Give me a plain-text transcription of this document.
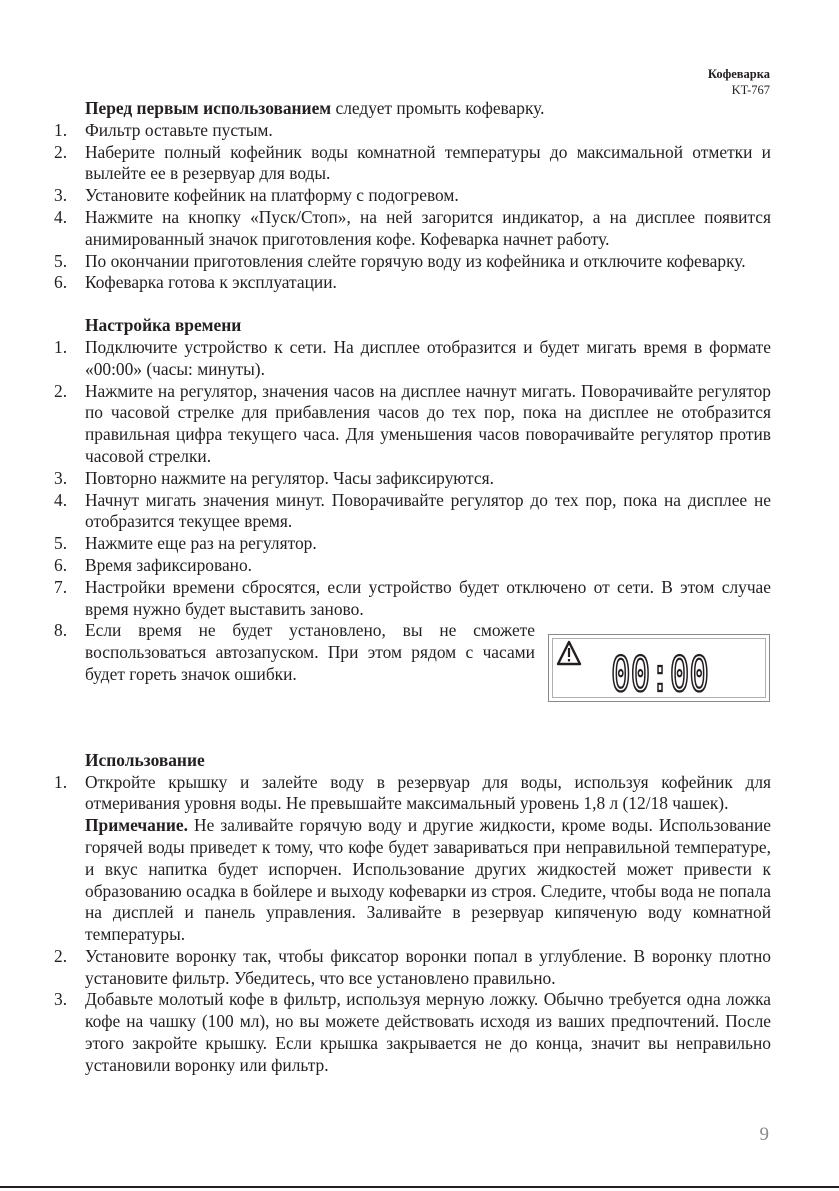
Кофеварка
KT-767

Перед первым использованием следует промыть кофеварку.

1. Фильтр оставьте пустым.
2. Наберите полный кофейник воды комнатной температуры до максимальной отметки и вылейте ее в резервуар для воды.
3. Установите кофейник на платформу с подогревом.
4. Нажмите на кнопку «Пуск/Стоп», на ней загорится индикатор, а на дисплее появится анимированный значок приготовления кофе. Кофеварка начнет работу.
5. По окончании приготовления слейте горячую воду из кофейника и отключите кофеварку.
6. Кофеварка готова к эксплуатации.

Настройка времени

1. Подключите устройство к сети. На дисплее отобразится и будет мигать время в формате «00:00» (часы: минуты).
2. Нажмите на регулятор, значения часов на дисплее начнут мигать. Поворачивайте регулятор по часовой стрелке для прибавления часов до тех пор, пока на дисплее не отобразится правильная цифра текущего часа. Для уменьшения часов поворачивайте регулятор против часовой стрелки.
3. Повторно нажмите на регулятор. Часы зафиксируются.
4. Начнут мигать значения минут. Поворачивайте регулятор до тех пор, пока на дисплее не отобразится текущее время.
5. Нажмите еще раз на регулятор.
6. Время зафиксировано.
7. Настройки времени сбросятся, если устройство будет отключено от сети. В этом случае время нужно будет выставить заново.
8. Если время не будет установлено, вы не сможете воспользоваться автозапуском. При этом рядом с часами будет гореть значок ошибки.

Использование

1. Откройте крышку и залейте воду в резервуар для воды, используя кофейник для отмеривания уровня воды. Не превышайте максимальный уровень 1,8 л (12/18 чашек).

Примечание. Не заливайте горячую воду и другие жидкости, кроме воды. Использование горячей воды приведет к тому, что кофе будет завариваться при неправильной температуре, и вкус напитка будет испорчен. Использование других жидкостей может привести к образованию осадка в бойлере и выходу кофеварки из строя. Следите, чтобы вода не попала на дисплей и панель управления. Заливайте в резервуар кипяченую воду комнатной температуры.

2. Установите воронку так, чтобы фиксатор воронки попал в углубление. В воронку плотно установите фильтр. Убедитесь, что все установлено правильно.
3. Добавьте молотый кофе в фильтр, используя мерную ложку. Обычно требуется одна ложка кофе на чашку (100 мл), но вы можете действовать исходя из ваших предпочтений. После этого закройте крышку. Если крышка закрывается не до конца, значит вы неправильно установили воронку или фильтр.
00:00
9
